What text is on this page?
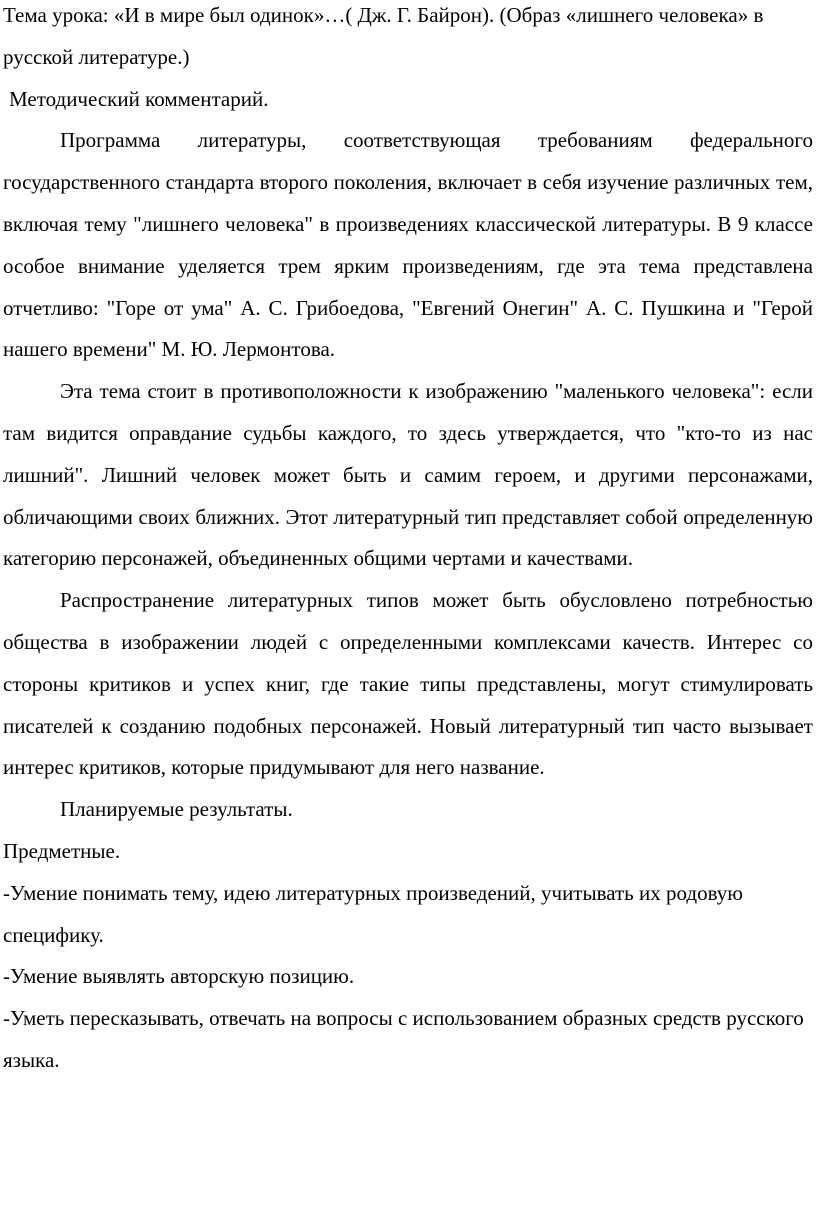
Тема урока: «И в мире был одинок»…( Дж. Г. Байрон). (Образ «лишнего человека» в русской литературе.)

Методический комментарий.

Программа литературы, соответствующая требованиям федерального государственного стандарта второго поколения, включает в себя изучение различных тем, включая тему "лишнего человека" в произведениях классической литературы. В 9 классе особое внимание уделяется трем ярким произведениям, где эта тема представлена отчетливо: "Горе от ума" А. С. Грибоедова, "Евгений Онегин" А. С. Пушкина и "Герой нашего времени" М. Ю. Лермонтова.

Эта тема стоит в противоположности к изображению "маленького человека": если там видится оправдание судьбы каждого, то здесь утверждается, что "кто-то из нас лишний". Лишний человек может быть и самим героем, и другими персонажами, обличающими своих ближних. Этот литературный тип представляет собой определенную категорию персонажей, объединенных общими чертами и качествами.

Распространение литературных типов может быть обусловлено потребностью общества в изображении людей с определенными комплексами качеств. Интерес со стороны критиков и успех книг, где такие типы представлены, могут стимулировать писателей к созданию подобных персонажей. Новый литературный тип часто вызывает интерес критиков, которые придумывают для него название.

Планируемые результаты.

Предметные.

-Умение понимать тему, идею литературных произведений, учитывать их родовую специфику.

-Умение выявлять авторскую позицию.

-Уметь пересказывать, отвечать на вопросы с использованием образных средств русского языка.
